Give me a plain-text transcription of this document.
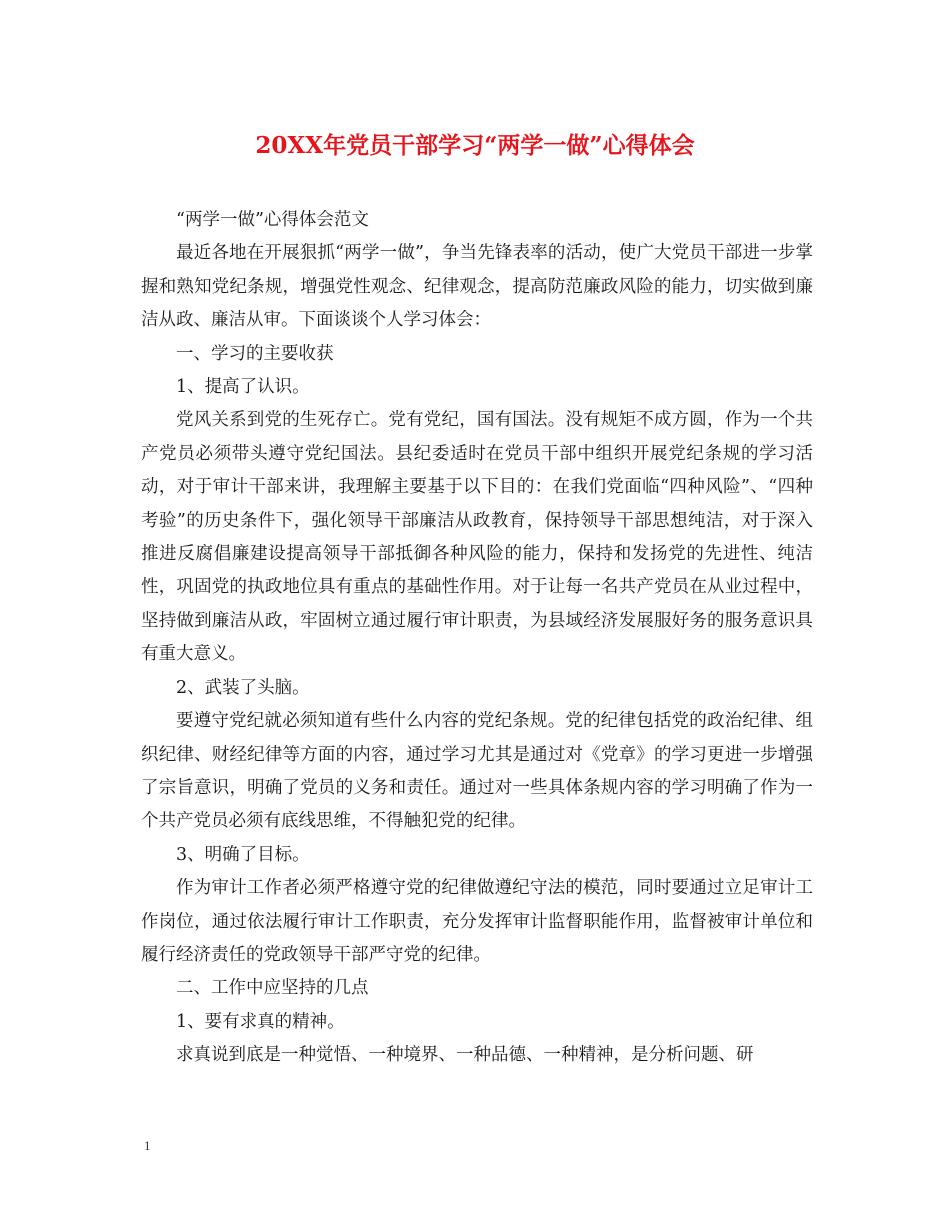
20XX年党员干部学习“两学一做”心得体会

“两学一做”心得体会范文

最近各地在开展狠抓“两学一做”，争当先锋表率的活动，使广大党员干部进一步掌握和熟知党纪条规，增强党性观念、纪律观念，提高防范廉政风险的能力，切实做到廉洁从政、廉洁从审。下面谈谈个人学习体会：

一、学习的主要收获

1、提高了认识。

党风关系到党的生死存亡。党有党纪，国有国法。没有规矩不成方圆，作为一个共产党员必须带头遵守党纪国法。县纪委适时在党员干部中组织开展党纪条规的学习活动，对于审计干部来讲，我理解主要基于以下目的：在我们党面临“四种风险”、“四种考验”的历史条件下，强化领导干部廉洁从政教育，保持领导干部思想纯洁，对于深入推进反腐倡廉建设提高领导干部抵御各种风险的能力，保持和发扬党的先进性、纯洁性，巩固党的执政地位具有重点的基础性作用。对于让每一名共产党员在从业过程中，坚持做到廉洁从政，牢固树立通过履行审计职责，为县域经济发展服好务的服务意识具有重大意义。

2、武装了头脑。

要遵守党纪就必须知道有些什么内容的党纪条规。党的纪律包括党的政治纪律、组织纪律、财经纪律等方面的内容，通过学习尤其是通过对《党章》的学习更进一步增强了宗旨意识，明确了党员的义务和责任。通过对一些具体条规内容的学习明确了作为一个共产党员必须有底线思维，不得触犯党的纪律。

3、明确了目标。

作为审计工作者必须严格遵守党的纪律做遵纪守法的模范，同时要通过立足审计工作岗位，通过依法履行审计工作职责，充分发挥审计监督职能作用，监督被审计单位和履行经济责任的党政领导干部严守党的纪律。

二、工作中应坚持的几点

1、要有求真的精神。

求真说到底是一种觉悟、一种境界、一种品德、一种精神，是分析问题、研

1
